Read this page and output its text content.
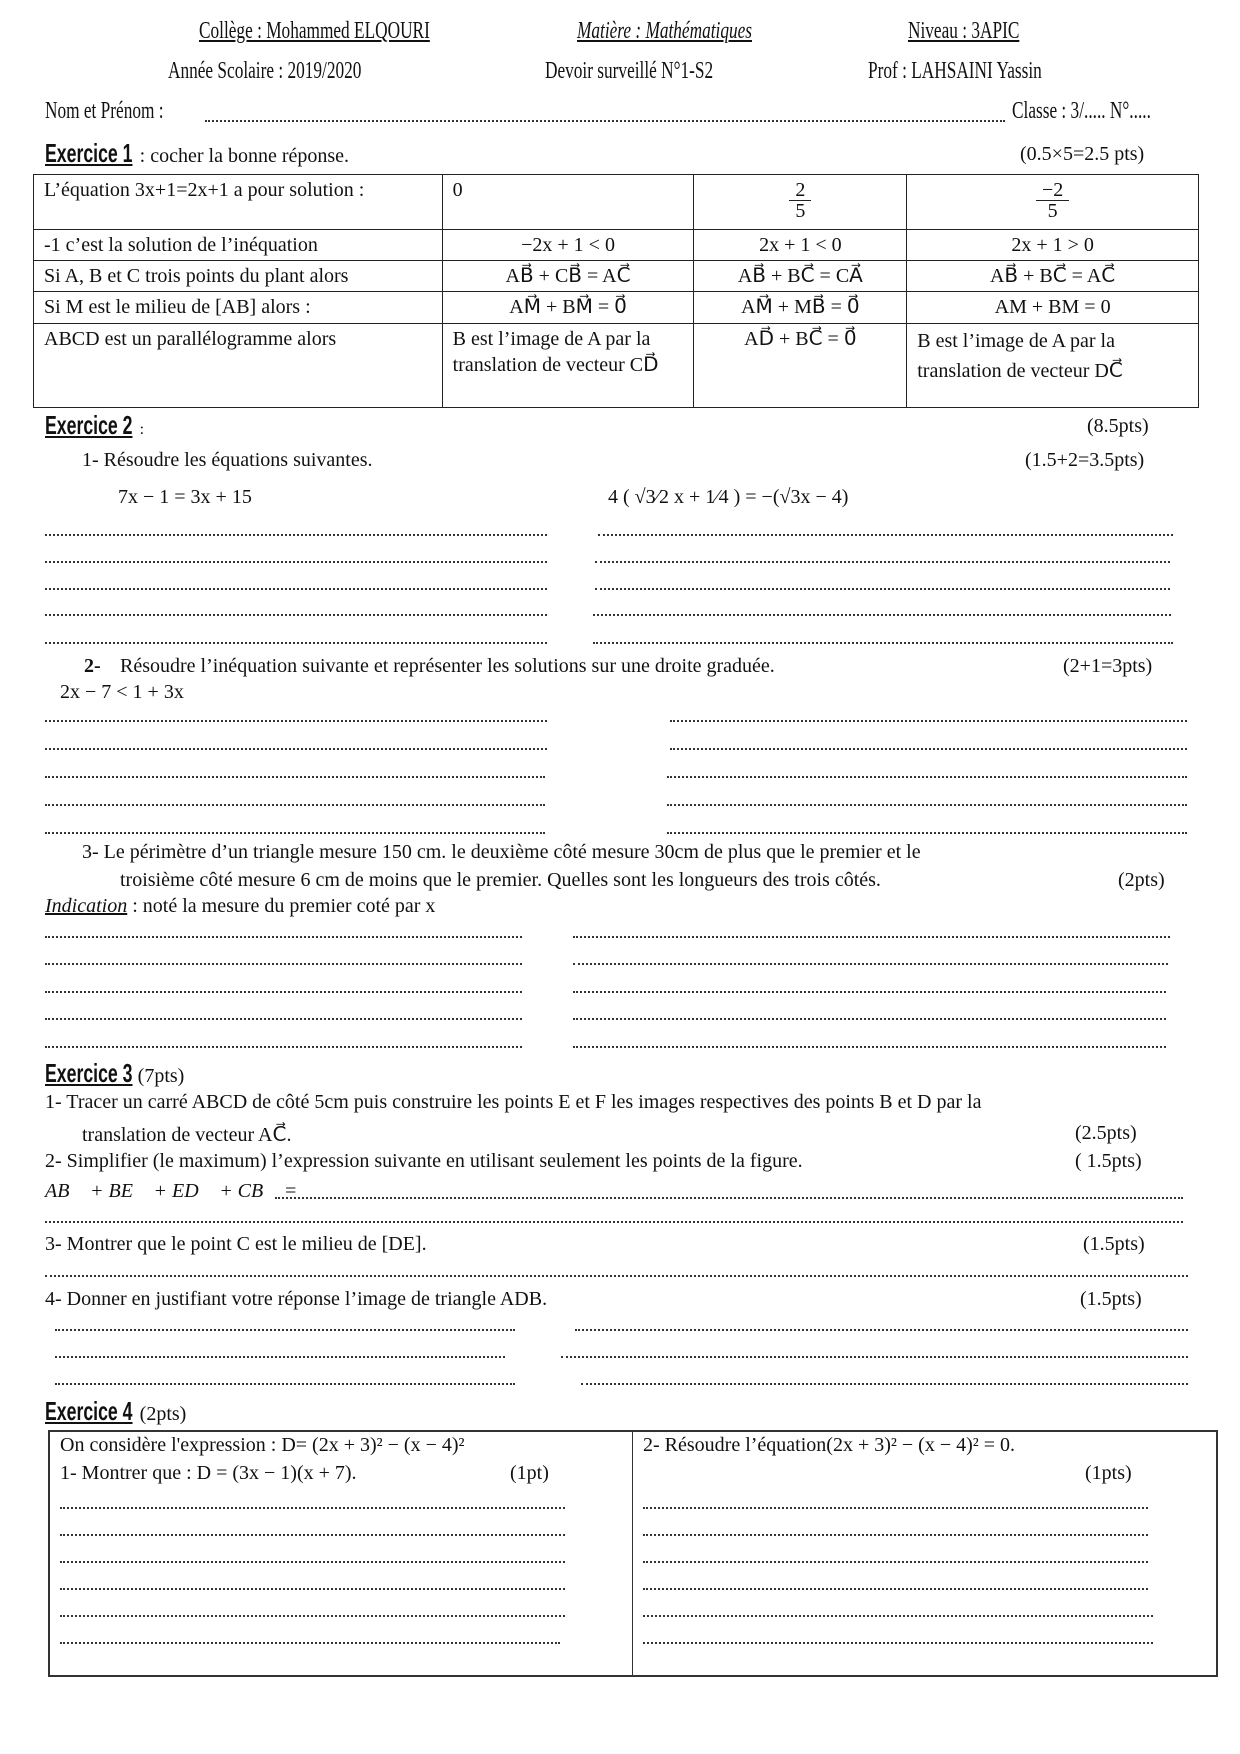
Collège : Mohammed ELQOURI	Matière : Mathématiques	Niveau : 3APIC
Année Scolaire : 2019/2020	Devoir surveillé N°1-S2	Prof : LAHSAINI Yassin
Nom et Prénom :	Classe : 3/..... N°.....
Exercice 1 : cocher la bonne réponse.	(0.5×5=2.5 pts)
L’équation 3x+1=2x+1 a pour solution :	0	$\frac{2}{5}$	$\frac{-2}{5}$

-1 c’est la solution de l’inéquation	−2x + 1 < 0	2x + 1 < 0	2x + 1 > 0
Si A, B et C trois points du plant alors	AB⃗ + CB⃗ = AC⃗	AB⃗ + BC⃗ = CA⃗	AB⃗ + BC⃗ = AC⃗
Si M est le milieu de [AB] alors :	AM⃗ + BM⃗ = 0⃗	AM⃗ + MB⃗ = 0⃗	AM + BM = 0
ABCD est un parallélogramme alors	B est l’image de A par la translation de vecteur CD⃗	AD⃗ + BC⃗ = 0⃗	B est l’image de A par la translation de vecteur DC⃗
Exercice 2 :	(8.5pts)
1- Résoudre les équations suivantes.	(1.5+2=3.5pts)
7x − 1 = 3x + 15	4 ( √3⁄2 x + 1⁄4 ) = −(√3x − 4)
2- Résoudre l’inéquation suivante et représenter les solutions sur une droite graduée.	(2+1=3pts)
2x − 7 < 1 + 3x
3- Le périmètre d’un triangle mesure 150 cm. le deuxième côté mesure 30cm de plus que le premier et le
troisième côté mesure 6 cm de moins que le premier. Quelles sont les longueurs des trois côtés.	(2pts)
Indication : noté la mesure du premier coté par x
Exercice 3 (7pts)
1- Tracer un carré ABCD de côté 5cm puis construire les points E et F les images respectives des points B et D par la
translation de vecteur AC⃗.	(2.5pts)
2- Simplifier (le maximum) l’expression suivante en utilisant seulement les points de la figure.	( 1.5pts)
AB⃗ + BE⃗ + ED⃗ + CB⃗ =
3- Montrer que le point C est le milieu de [DE].	(1.5pts)
4- Donner en justifiant votre réponse l’image de triangle ADB.	(1.5pts)
Exercice 4 (2pts)
On considère l'expression : D= (2x + 3)² − (x − 4)²
1- Montrer que : D = (3x − 1)(x + 7).	(1pt)
2- Résoudre l’équation(2x + 3)² − (x − 4)² = 0.
(1pts)
